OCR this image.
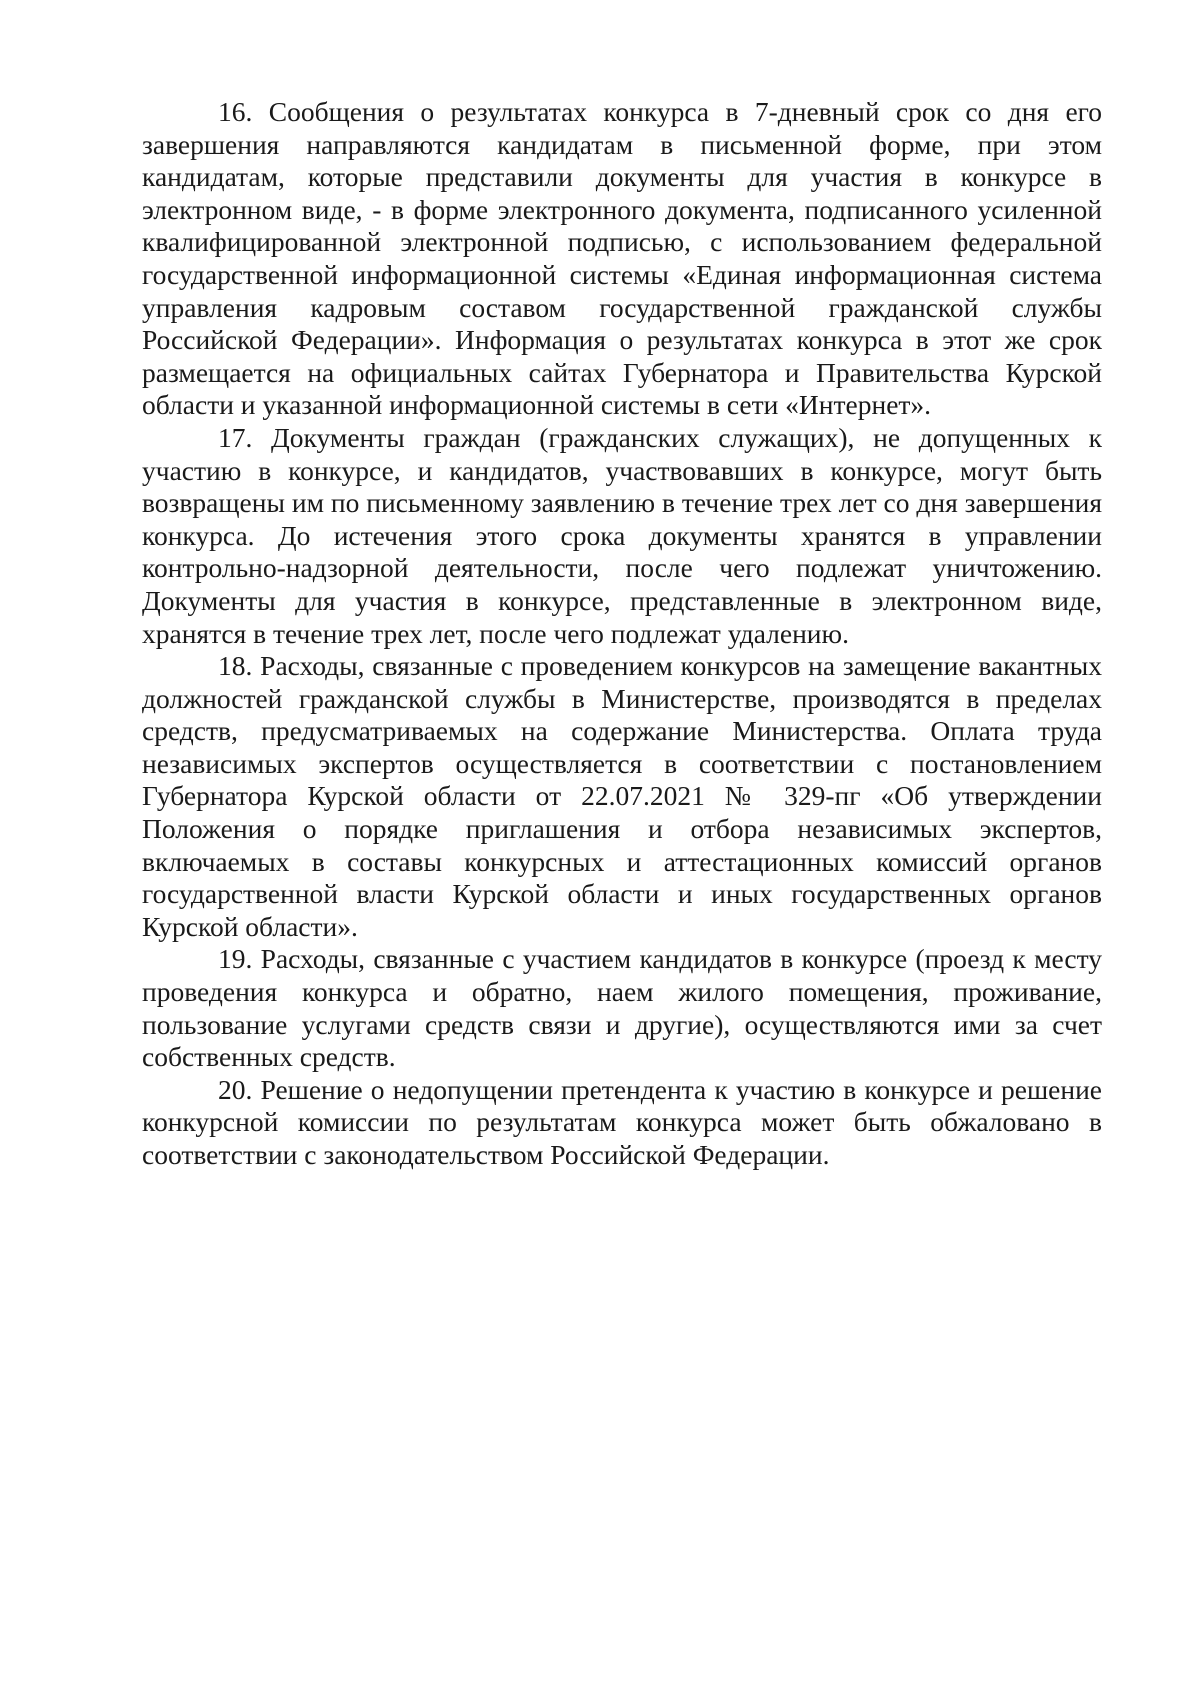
16. Сообщения о результатах конкурса в 7-дневный срок со дня его завершения направляются кандидатам в письменной форме, при этом кандидатам, которые представили документы для участия в конкурсе в электронном виде, - в форме электронного документа, подписанного усиленной квалифицированной электронной подписью, с использованием федеральной государственной информационной системы «Единая информационная система управления кадровым составом государственной гражданской службы Российской Федерации». Информация о результатах конкурса в этот же срок размещается на официальных сайтах Губернатора и Правительства Курской области и указанной информационной системы в сети «Интернет».

17. Документы граждан (гражданских служащих), не допущенных к участию в конкурсе, и кандидатов, участвовавших в конкурсе, могут быть возвращены им по письменному заявлению в течение трех лет со дня завершения конкурса. До истечения этого срока документы хранятся в управлении контрольно-надзорной деятельности, после чего подлежат уничтожению. Документы для участия в конкурсе, представленные в электронном виде, хранятся в течение трех лет, после чего подлежат удалению.

18. Расходы, связанные с проведением конкурсов на замещение вакантных должностей гражданской службы в Министерстве, производятся в пределах средств, предусматриваемых на содержание Министерства. Оплата труда независимых экспертов осуществляется в соответствии с постановлением Губернатора Курской области от 22.07.2021 № 329-пг «Об утверждении Положения о порядке приглашения и отбора независимых экспертов, включаемых в составы конкурсных и аттестационных комиссий органов государственной власти Курской области и иных государственных органов Курской области».

19. Расходы, связанные с участием кандидатов в конкурсе (проезд к месту проведения конкурса и обратно, наем жилого помещения, проживание, пользование услугами средств связи и другие), осуществляются ими за счет собственных средств.

20. Решение о недопущении претендента к участию в конкурсе и решение конкурсной комиссии по результатам конкурса может быть обжаловано в соответствии с законодательством Российской Федерации.
